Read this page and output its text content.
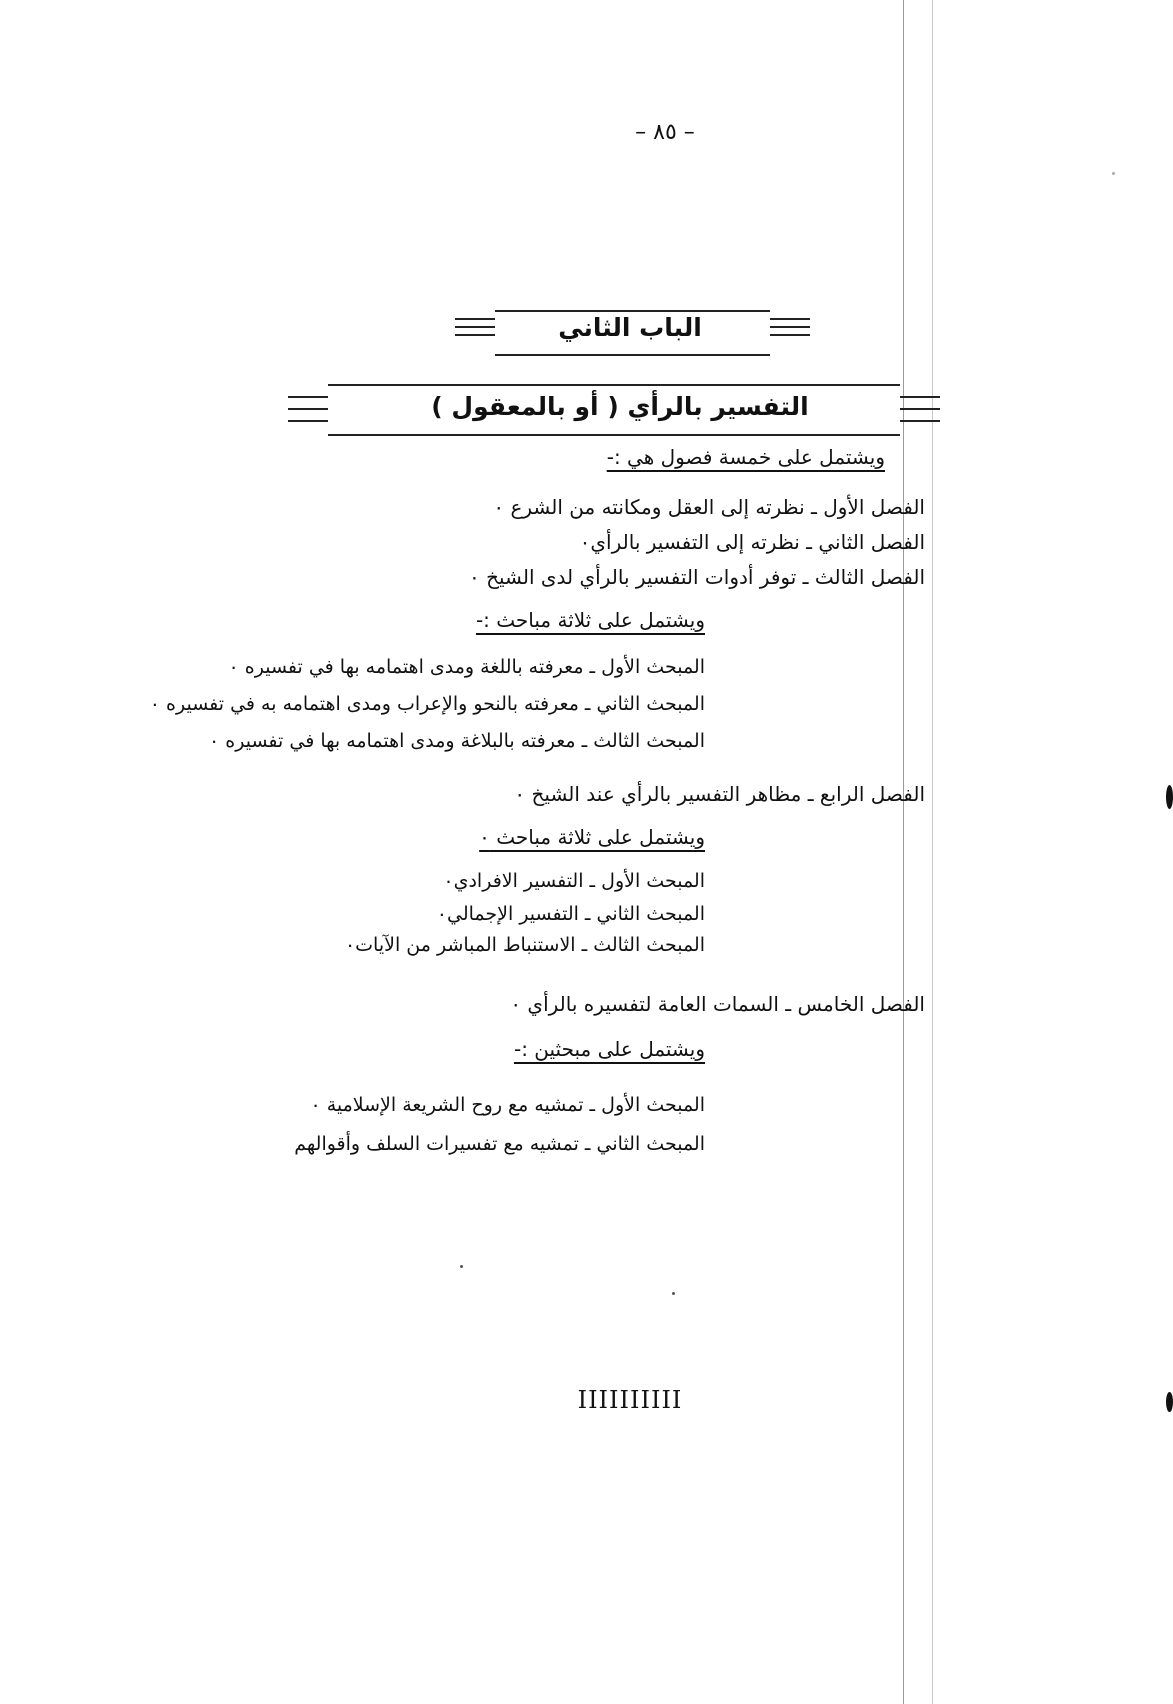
– ٨٥ –
الباب الثاني
التفسير بالرأي ( أو بالمعقول )
ويشتمل على خمسة فصول هي :-
الفصل الأول ـ نظرته إلى العقل ومكانته من الشرع ٠
الفصل الثاني ـ نظرته إلى التفسير بالرأي٠
الفصل الثالث ـ توفر أدوات التفسير بالرأي لدى الشيخ ٠
ويشتمل على ثلاثة مباحث :-
المبحث الأول ـ معرفته باللغة ومدى اهتمامه بها في تفسيره ٠
المبحث الثاني ـ معرفته بالنحو والإعراب ومدى اهتمامه به في تفسيره ٠
المبحث الثالث ـ معرفته بالبلاغة ومدى اهتمامه بها في تفسيره ٠
الفصل الرابع ـ مظاهر التفسير بالرأي عند الشيخ ٠
ويشتمل على ثلاثة مباحث ٠
المبحث الأول ـ التفسير الافرادي٠
المبحث الثاني ـ التفسير الإجمالي٠
المبحث الثالث ـ الاستنباط المباشر من الآيات٠
الفصل الخامس ـ السمات العامة لتفسيره بالرأي ٠
ويشتمل على مبحثين :-
المبحث الأول ـ تمشيه مع روح الشريعة الإسلامية ٠
المبحث الثاني ـ تمشيه مع تفسيرات السلف وأقوالهم
IIIIIIIIII
